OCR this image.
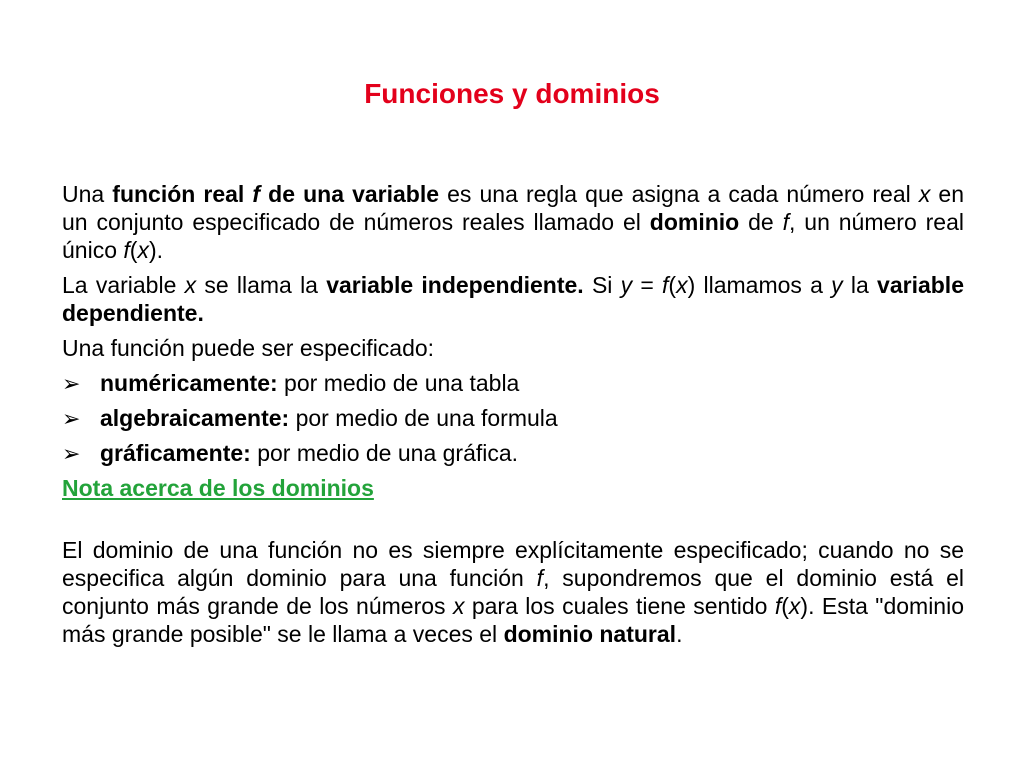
Funciones y dominios

Una función real f de una variable es una regla que asigna a cada número real x en un conjunto especificado de números reales llamado el dominio de f, un número real único f(x).

La variable x se llama la variable independiente. Si y = f(x) llamamos a y la variable dependiente.

Una función puede ser especificado:

➢ numéricamente: por medio de una tabla
➢ algebraicamente: por medio de una formula
➢ gráficamente: por medio de una gráfica.
Nota acerca de los dominios

El dominio de una función no es siempre explícitamente especificado; cuando no se especifica algún dominio para una función f, supondremos que el dominio está el conjunto más grande de los números x para los cuales tiene sentido f(x). Esta "dominio más grande posible" se le llama a veces el dominio natural.
